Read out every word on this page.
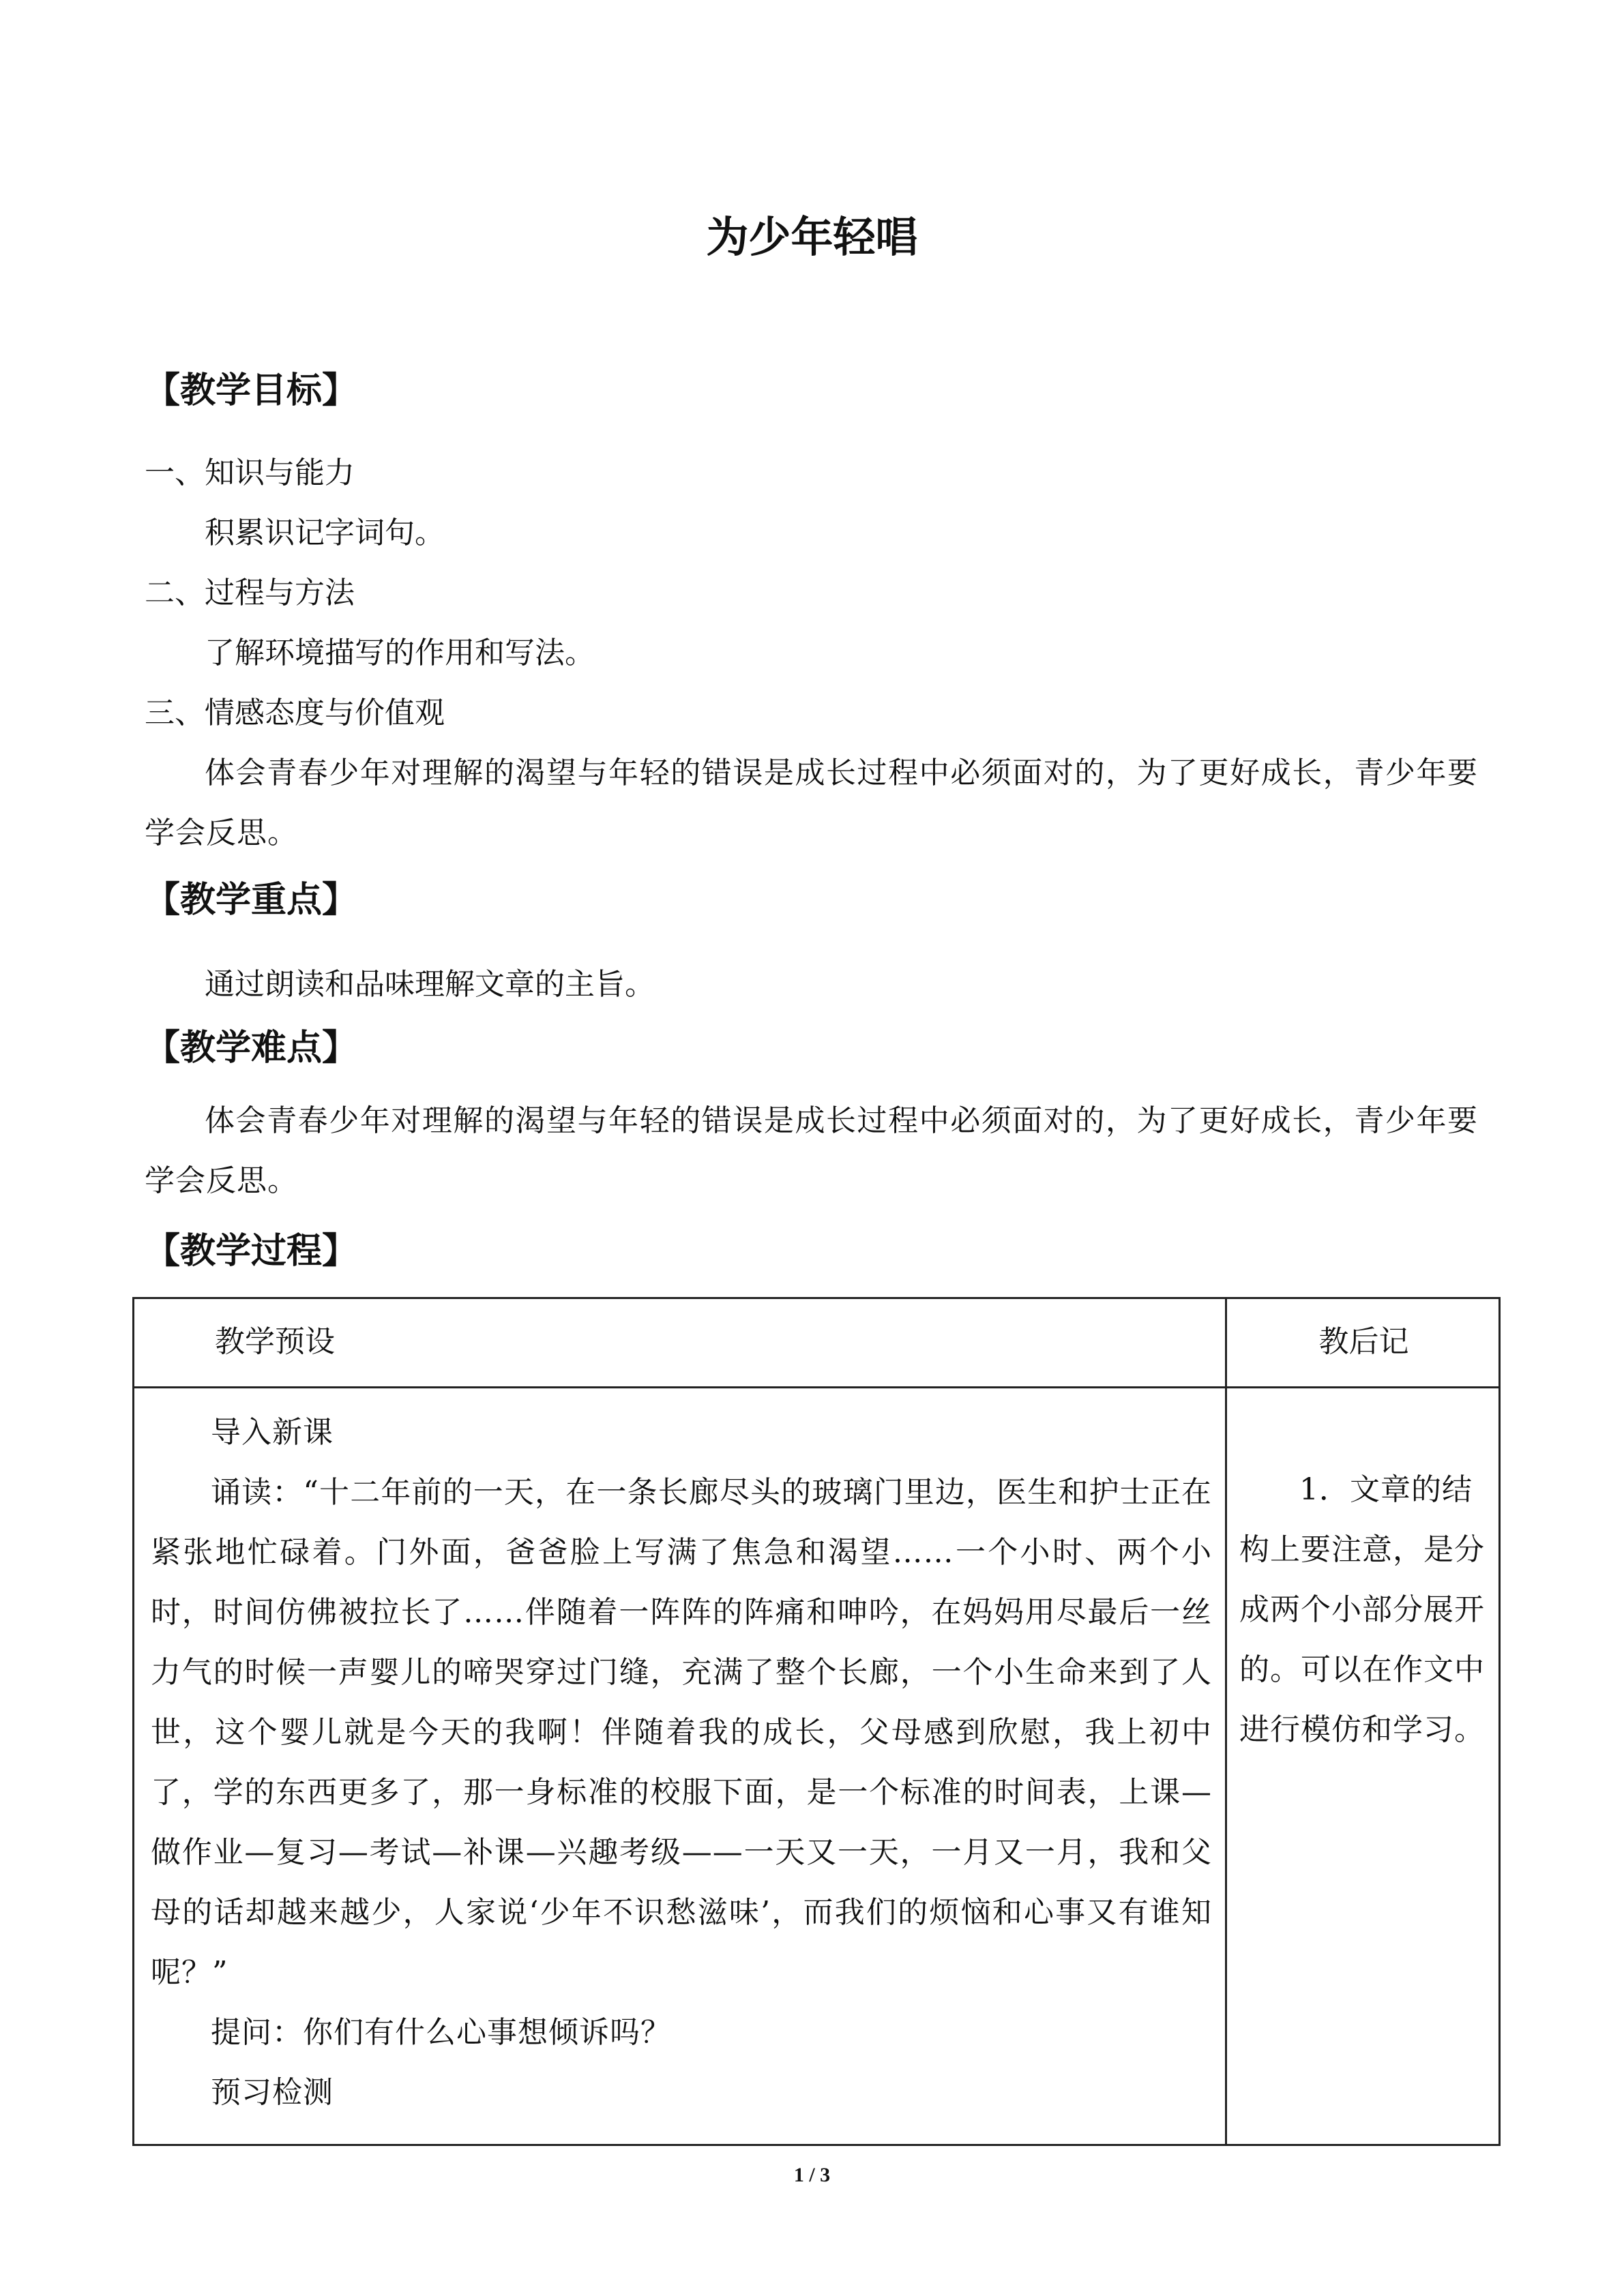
为少年轻唱
【教学目标】
一、知识与能力
积累识记字词句。
二、过程与方法
了解环境描写的作用和写法。
三、情感态度与价值观
体会青春少年对理解的渴望与年轻的错误是成长过程中必须面对的，为了更好成长，青少年要学会反思。
【教学重点】
通过朗读和品味理解文章的主旨。
【教学难点】
体会青春少年对理解的渴望与年轻的错误是成长过程中必须面对的，为了更好成长，青少年要学会反思。
【教学过程】
教学预设	教后记

导入新课

诵读：“十二年前的一天，在一条长廊尽头的玻璃门里边，医生和护士正在紧张地忙碌着。门外面，爸爸脸上写满了焦急和渴望……一个小时、两个小时，时间仿佛被拉长了……伴随着一阵阵的阵痛和呻吟，在妈妈用尽最后一丝力气的时候一声婴儿的啼哭穿过门缝，充满了整个长廊，一个小生命来到了人世，这个婴儿就是今天的我啊！伴随着我的成长，父母感到欣慰，我上初中了，学的东西更多了，那一身标准的校服下面，是一个标准的时间表，上课—做作业—复习—考试—补课—兴趣考级——一天又一天，一月又一月，我和父母的话却越来越少，人家说‘少年不识愁滋味’，而我们的烦恼和心事又有谁知呢？”

提问：你们有什么心事想倾诉吗？

预习检测

1．文章的结构上要注意，是分成两个小部分展开的。可以在作文中进行模仿和学习。
1 / 3
